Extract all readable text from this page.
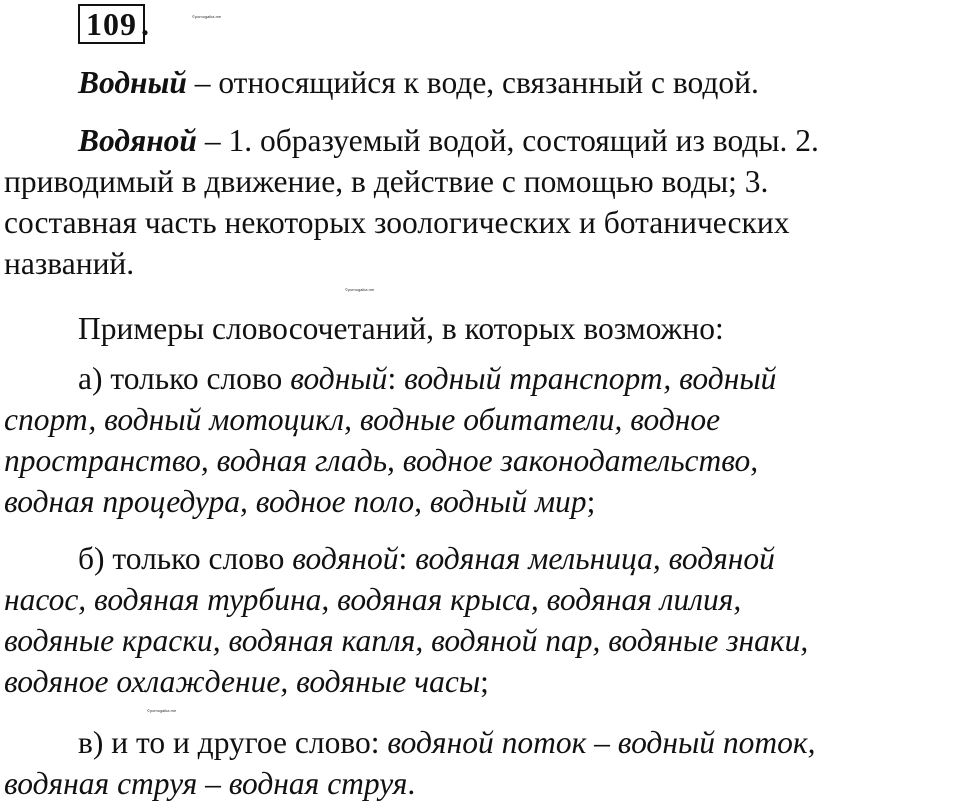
109 .	©pomogalka.me
©pomogalka.me
©pomogalka.me

Водный – относящийся к воде, связанный с водой.

Водяной – 1. образуемый водой, состоящий из воды. 2.
приводимый в движение, в действие с помощью воды; 3.
составная часть некоторых зоологических и ботанических
названий.

Примеры словосочетаний, в которых возможно:

а) только слово водный: водный транспорт, водный
спорт, водный мотоцикл, водные обитатели, водное
пространство, водная гладь, водное законодательство,
водная процедура, водное поло, водный мир;

б) только слово водяной: водяная мельница, водяной
насос, водяная турбина, водяная крыса, водяная лилия,
водяные краски, водяная капля, водяной пар, водяные знаки,
водяное охлаждение, водяные часы;

в) и то и другое слово: водяной поток – водный поток,
водяная струя – водная струя.
